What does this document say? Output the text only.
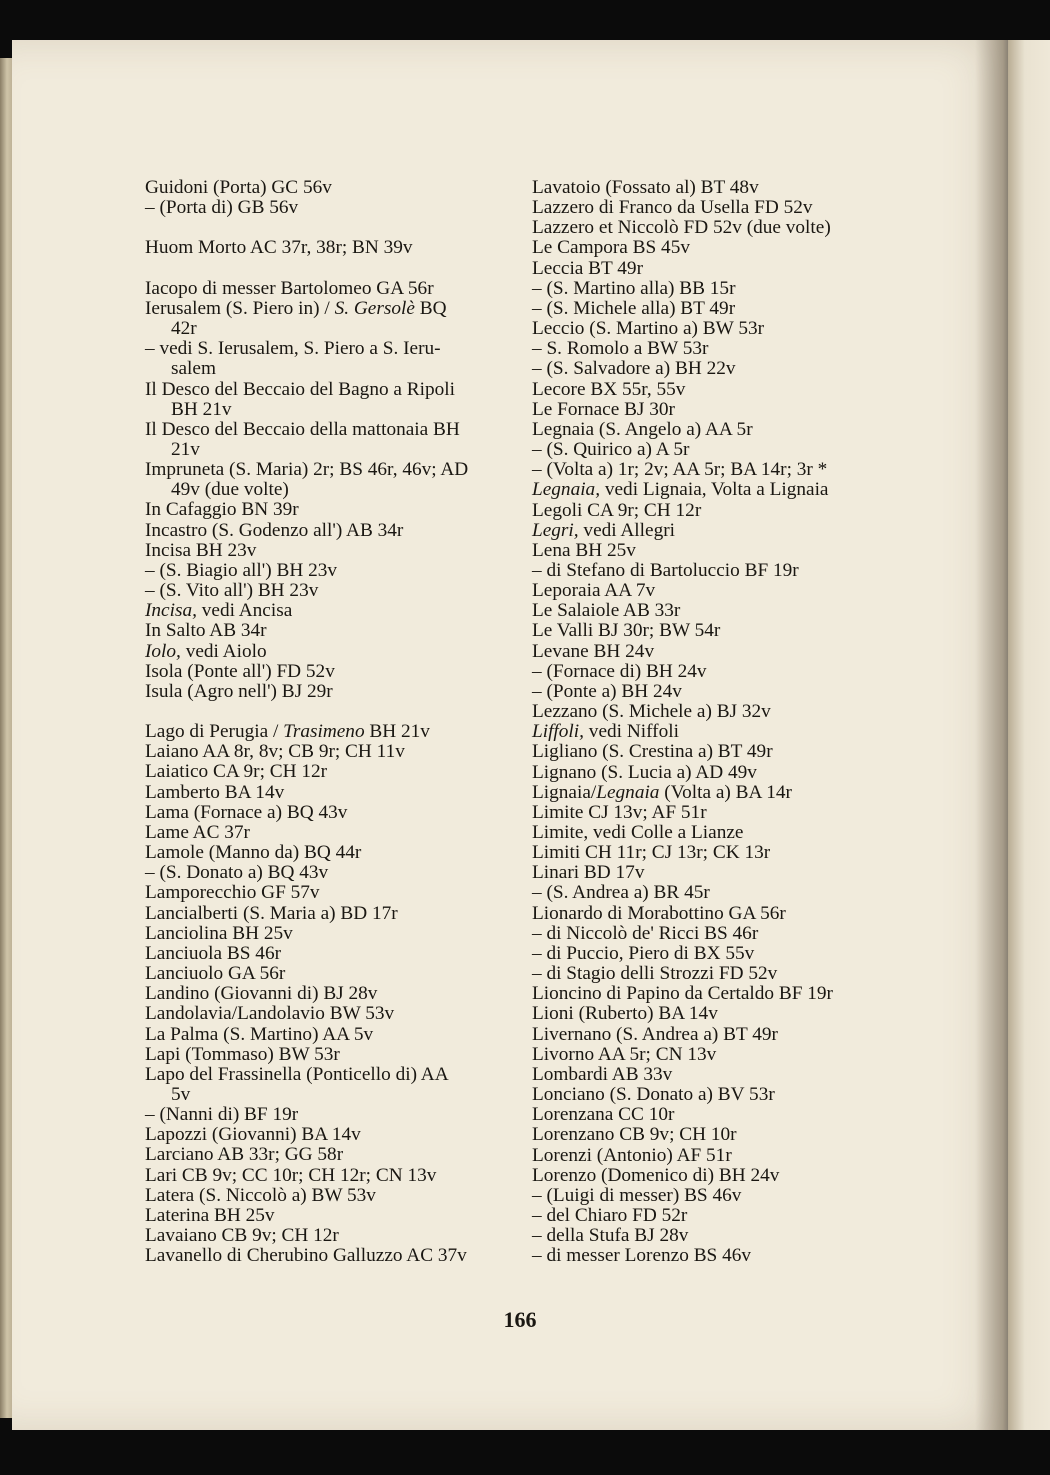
Guidoni (Porta) GC 56v
– (Porta di) GB 56v
Huom Morto AC 37r, 38r; BN 39v
Iacopo di messer Bartolomeo GA 56r
Ierusalem (S. Piero in) / S. Gersolè BQ
42r
– vedi S. Ierusalem, S. Piero a S. Ieru-
salem
Il Desco del Beccaio del Bagno a Ripoli
BH 21v
Il Desco del Beccaio della mattonaia BH
21v
Impruneta (S. Maria) 2r; BS 46r, 46v; AD
49v (due volte)
In Cafaggio BN 39r
Incastro (S. Godenzo all') AB 34r
Incisa BH 23v
– (S. Biagio all') BH 23v
– (S. Vito all') BH 23v
Incisa, vedi Ancisa
In Salto AB 34r
Iolo, vedi Aiolo
Isola (Ponte all') FD 52v
Isula (Agro nell') BJ 29r
Lago di Perugia / Trasimeno BH 21v
Laiano AA 8r, 8v; CB 9r; CH 11v
Laiatico CA 9r; CH 12r
Lamberto BA 14v
Lama (Fornace a) BQ 43v
Lame AC 37r
Lamole (Manno da) BQ 44r
– (S. Donato a) BQ 43v
Lamporecchio GF 57v
Lancialberti (S. Maria a) BD 17r
Lanciolina BH 25v
Lanciuola BS 46r
Lanciuolo GA 56r
Landino (Giovanni di) BJ 28v
Landolavia/Landolavio BW 53v
La Palma (S. Martino) AA 5v
Lapi (Tommaso) BW 53r
Lapo del Frassinella (Ponticello di) AA
5v
– (Nanni di) BF 19r
Lapozzi (Giovanni) BA 14v
Larciano AB 33r; GG 58r
Lari CB 9v; CC 10r; CH 12r; CN 13v
Latera (S. Niccolò a) BW 53v
Laterina BH 25v
Lavaiano CB 9v; CH 12r
Lavanello di Cherubino Galluzzo AC 37v
Lavatoio (Fossato al) BT 48v
Lazzero di Franco da Usella FD 52v
Lazzero et Niccolò FD 52v (due volte)
Le Campora BS 45v
Leccia BT 49r
– (S. Martino alla) BB 15r
– (S. Michele alla) BT 49r
Leccio (S. Martino a) BW 53r
– S. Romolo a BW 53r
– (S. Salvadore a) BH 22v
Lecore BX 55r, 55v
Le Fornace BJ 30r
Legnaia (S. Angelo a) AA 5r
– (S. Quirico a) A 5r
– (Volta a) 1r; 2v; AA 5r; BA 14r; 3r *
Legnaia, vedi Lignaia, Volta a Lignaia
Legoli CA 9r; CH 12r
Legri, vedi Allegri
Lena BH 25v
– di Stefano di Bartoluccio BF 19r
Leporaia AA 7v
Le Salaiole AB 33r
Le Valli BJ 30r; BW 54r
Levane BH 24v
– (Fornace di) BH 24v
– (Ponte a) BH 24v
Lezzano (S. Michele a) BJ 32v
Liffoli, vedi Niffoli
Ligliano (S. Crestina a) BT 49r
Lignano (S. Lucia a) AD 49v
Lignaia/Legnaia (Volta a) BA 14r
Limite CJ 13v; AF 51r
Limite, vedi Colle a Lianze
Limiti CH 11r; CJ 13r; CK 13r
Linari BD 17v
– (S. Andrea a) BR 45r
Lionardo di Morabottino GA 56r
– di Niccolò de' Ricci BS 46r
– di Puccio, Piero di BX 55v
– di Stagio delli Strozzi FD 52v
Lioncino di Papino da Certaldo BF 19r
Lioni (Ruberto) BA 14v
Livernano (S. Andrea a) BT 49r
Livorno AA 5r; CN 13v
Lombardi AB 33v
Lonciano (S. Donato a) BV 53r
Lorenzana CC 10r
Lorenzano CB 9v; CH 10r
Lorenzi (Antonio) AF 51r
Lorenzo (Domenico di) BH 24v
– (Luigi di messer) BS 46v
– del Chiaro FD 52r
– della Stufa BJ 28v
– di messer Lorenzo BS 46v
166
